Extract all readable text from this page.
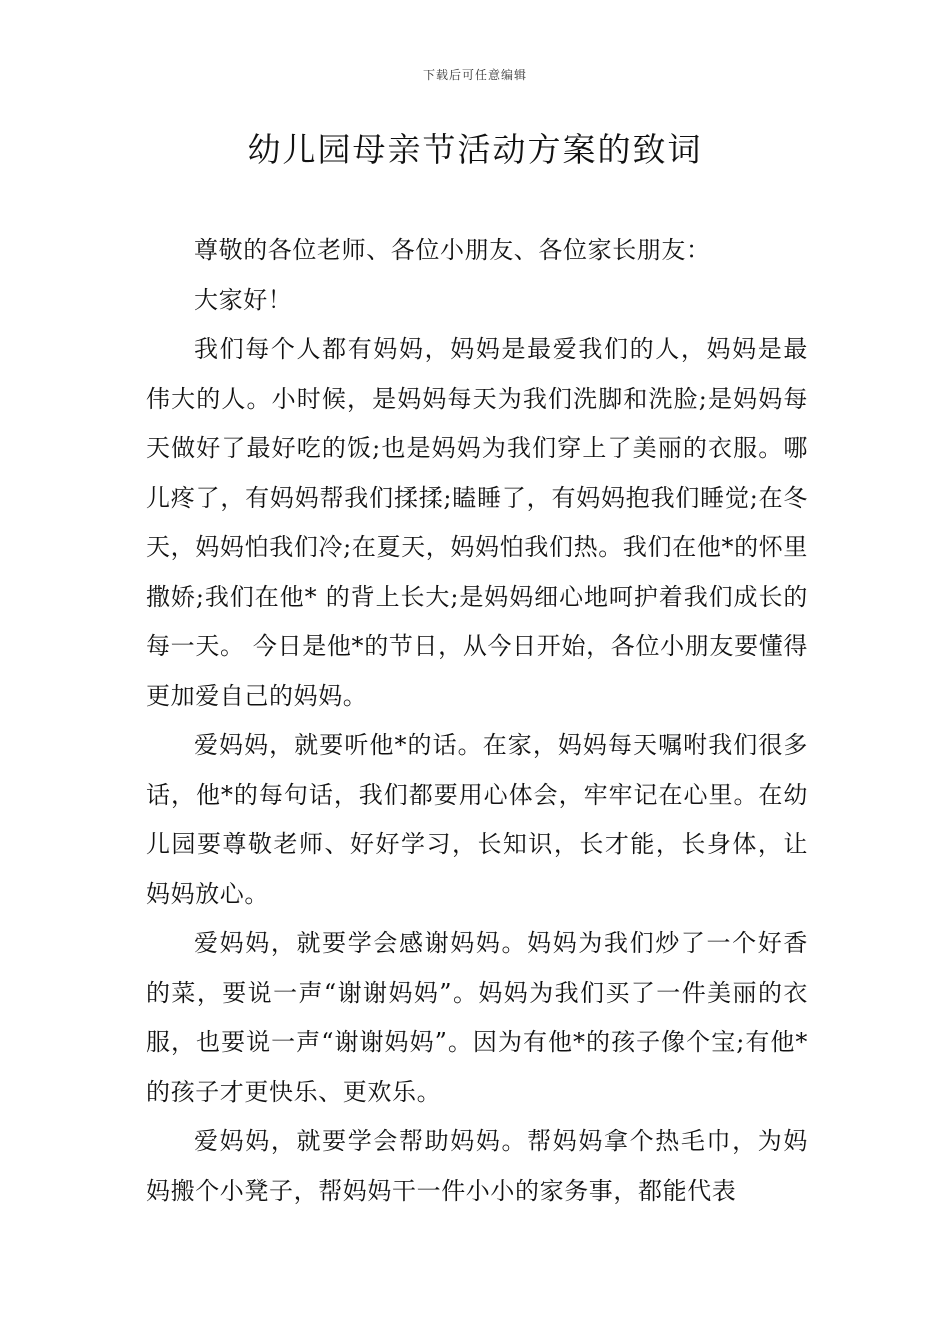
下载后可任意编辑
幼儿园母亲节活动方案的致词

尊敬的各位老师、各位小朋友、各位家长朋友：

大家好！

我们每个人都有妈妈，妈妈是最爱我们的人，妈妈是最伟大的人。小时候，是妈妈每天为我们洗脚和洗脸;是妈妈每天做好了最好吃的饭;也是妈妈为我们穿上了美丽的衣服。哪儿疼了，有妈妈帮我们揉揉;瞌睡了，有妈妈抱我们睡觉;在冬天，妈妈怕我们冷;在夏天，妈妈怕我们热。我们在他*的怀里撒娇;我们在他* 的背上长大;是妈妈细心地呵护着我们成长的每一天。 今日是他*的节日，从今日开始，各位小朋友要懂得更加爱自己的妈妈。

爱妈妈，就要听他*的话。在家，妈妈每天嘱咐我们很多话，他*的每句话，我们都要用心体会，牢牢记在心里。在幼儿园要尊敬老师、好好学习，长知识，长才能，长身体，让妈妈放心。

爱妈妈，就要学会感谢妈妈。妈妈为我们炒了一个好香的菜，要说一声“谢谢妈妈”。妈妈为我们买了一件美丽的衣服，也要说一声“谢谢妈妈”。因为有他*的孩子像个宝;有他*的孩子才更快乐、更欢乐。

爱妈妈，就要学会帮助妈妈。帮妈妈拿个热毛巾，为妈妈搬个小凳子，帮妈妈干一件小小的家务事，都能代表
